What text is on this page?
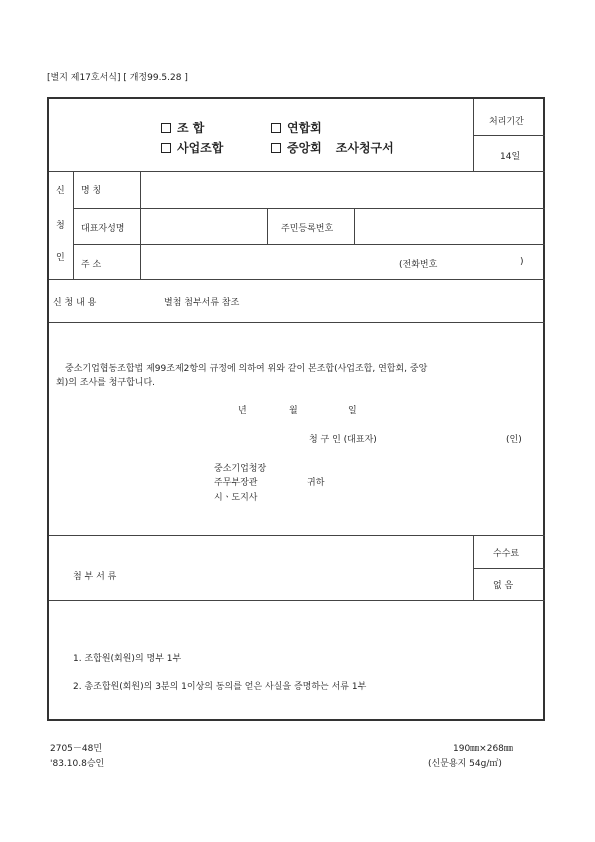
[별지 제17호서식] [ 개정99.5.28 ]
조 합	연합회
사업조합	중앙회 조사청구서
처리기간
14일
신
청
인
명 칭
대표자성명	주민등록번호
주 소	(전화번호	)
신 청 내 용	별첨 첨부서류 참조
중소기업협동조합법 제99조제2항의 규정에 의하여 위와 같이 본조합(사업조합, 연합회, 중앙
회)의 조사를 청구합니다.
년	월	일
청 구 인 (대표자)	(인)
중소기업청장
주무부장관
시ㆍ도지사
귀하
첨 부 서 류
수수료
없 음
1. 조합원(회원)의 명부 1부
2. 총조합원(회원)의 3분의 1이상의 동의를 얻은 사실을 증명하는 서류 1부
2705－48민
'83.10.8승인
190㎜×268㎜
(신문용지 54g/㎡)
